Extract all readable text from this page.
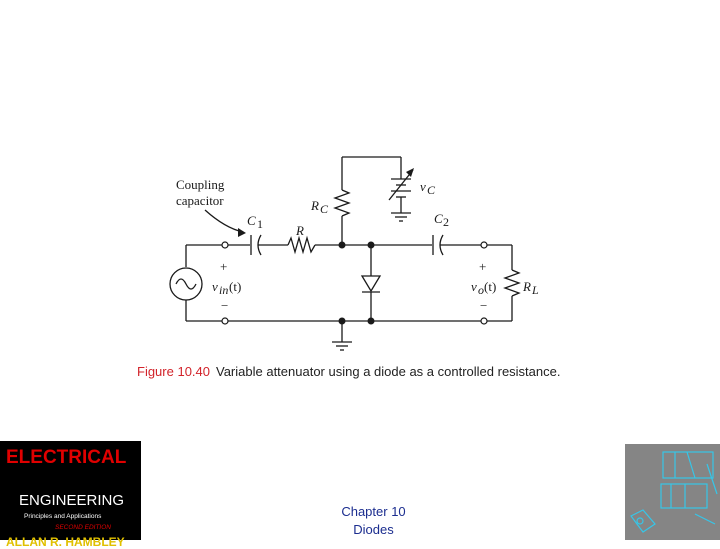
Coupling
capacitor
C 1	R
R C
v C
C 2
R L
+
v in (t)
−
+
v o (t)
−
Figure 10.40 Variable attenuator using a diode as a controlled resistance.
ELECTRICAL
ENGINEERING
Principles and Applications
SECOND EDITION
ALLAN R. HAMBLEY
Chapter 10
Diodes
